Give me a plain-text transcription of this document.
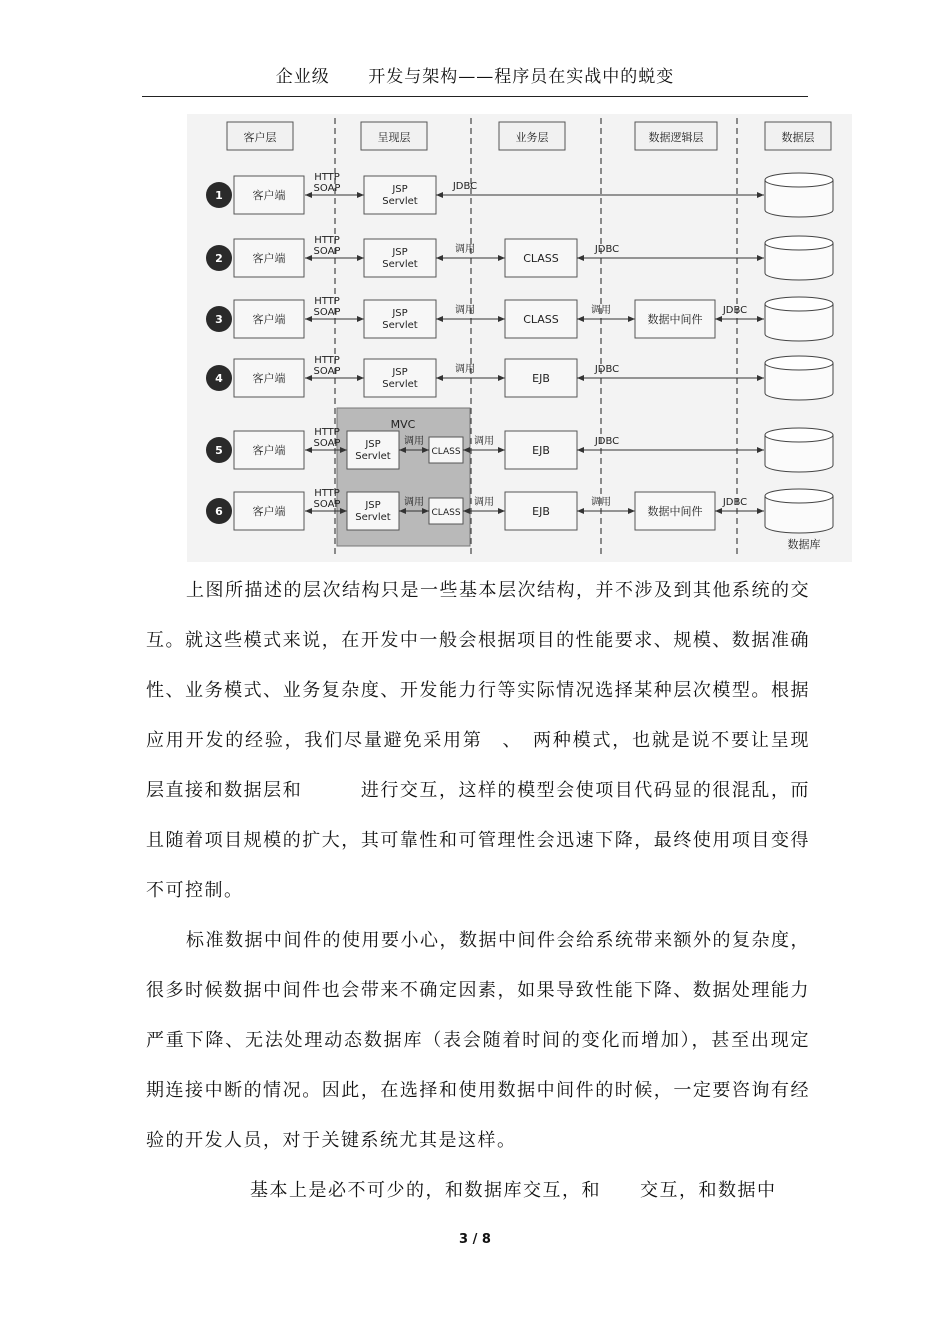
企业级 开发与架构——程序员在实战中的蜕变
MVC
客户层	呈现层	业务层	数据逻辑层	数据层
1	客户端
HTTP
SOAP	JSP
Servlet
JDBC
2	客户端
HTTP
SOAP	JSP
Servlet
调用
CLASS
JDBC
3	客户端
HTTP
SOAP	JSP
Servlet
调用
CLASS
调用
数据中间件
JDBC
4	客户端
HTTP
SOAP	JSP
Servlet
调用
EJB
JDBC
5	客户端
HTTP
SOAP JSP
Servlet	CLASS
调用	调用
EJB
JDBC
6	客户端
HTTP
SOAP JSP
Servlet	CLASS
调用	调用
EJB
调用
数据中间件
JDBC
数据库

上图所描述的层次结构只是一些基本层次结构，并不涉及到其他系统的交互。就这些模式来说，在开发中一般会根据项目的性能要求、规模、数据准确性、业务模式、业务复杂度、开发能力行等实际情况选择某种层次模型。根据　　　应用开发的经验，我们尽量避免采用第　、　两种模式，也就是说不要让呈现层直接和数据层和　　　进行交互，这样的模型会使项目代码显的很混乱，而且随着项目规模的扩大，其可靠性和可管理性会迅速下降，最终使用项目变得不可控制。

标准数据中间件的使用要小心，数据中间件会给系统带来额外的复杂度，很多时候数据中间件也会带来不确定因素，如果导致性能下降、数据处理能力严重下降、无法处理动态数据库（表会随着时间的变化而增加），甚至出现定期连接中断的情况。因此，在选择和使用数据中间件的时候，一定要咨询有经验的开发人员，对于关键系统尤其是这样。

基本上是必不可少的，和数据库交互，和　　交互，和数据中

3 / 8
